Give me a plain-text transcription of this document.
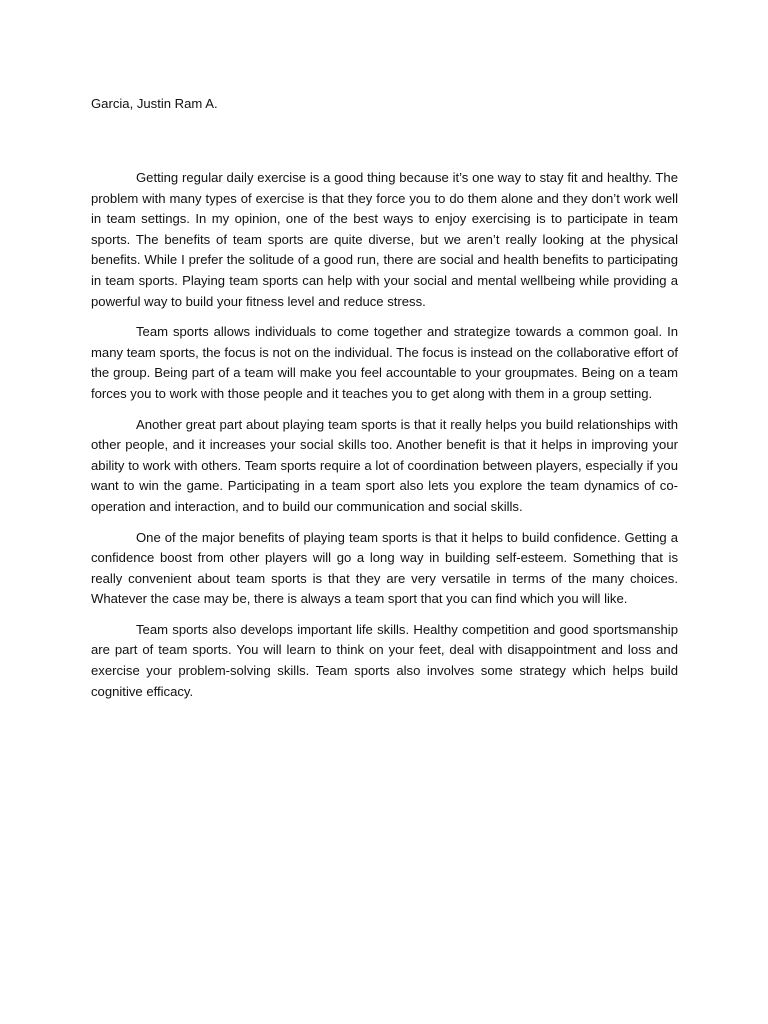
Garcia, Justin Ram A.

Getting regular daily exercise is a good thing because it’s one way to stay fit and healthy. The problem with many types of exercise is that they force you to do them alone and they don’t work well in team settings. In my opinion, one of the best ways to enjoy exercising is to participate in team sports. The benefits of team sports are quite diverse, but we aren’t really looking at the physical benefits. While I prefer the solitude of a good run, there are social and health benefits to participating in team sports. Playing team sports can help with your social and mental wellbeing while providing a powerful way to build your fitness level and reduce stress.

Team sports allows individuals to come together and strategize towards a common goal. In many team sports, the focus is not on the individual. The focus is instead on the collaborative effort of the group. Being part of a team will make you feel accountable to your groupmates. Being on a team forces you to work with those people and it teaches you to get along with them in a group setting.

Another great part about playing team sports is that it really helps you build relationships with other people, and it increases your social skills too. Another benefit is that it helps in improving your ability to work with others. Team sports require a lot of coordination between players, especially if you want to win the game. Participating in a team sport also lets you explore the team dynamics of co-operation and interaction, and to build our communication and social skills.

One of the major benefits of playing team sports is that it helps to build confidence. Getting a confidence boost from other players will go a long way in building self-esteem. Something that is really convenient about team sports is that they are very versatile in terms of the many choices. Whatever the case may be, there is always a team sport that you can find which you will like.

Team sports also develops important life skills. Healthy competition and good sportsmanship are part of team sports. You will learn to think on your feet, deal with disappointment and loss and exercise your problem-solving skills. Team sports also involves some strategy which helps build cognitive efficacy.
